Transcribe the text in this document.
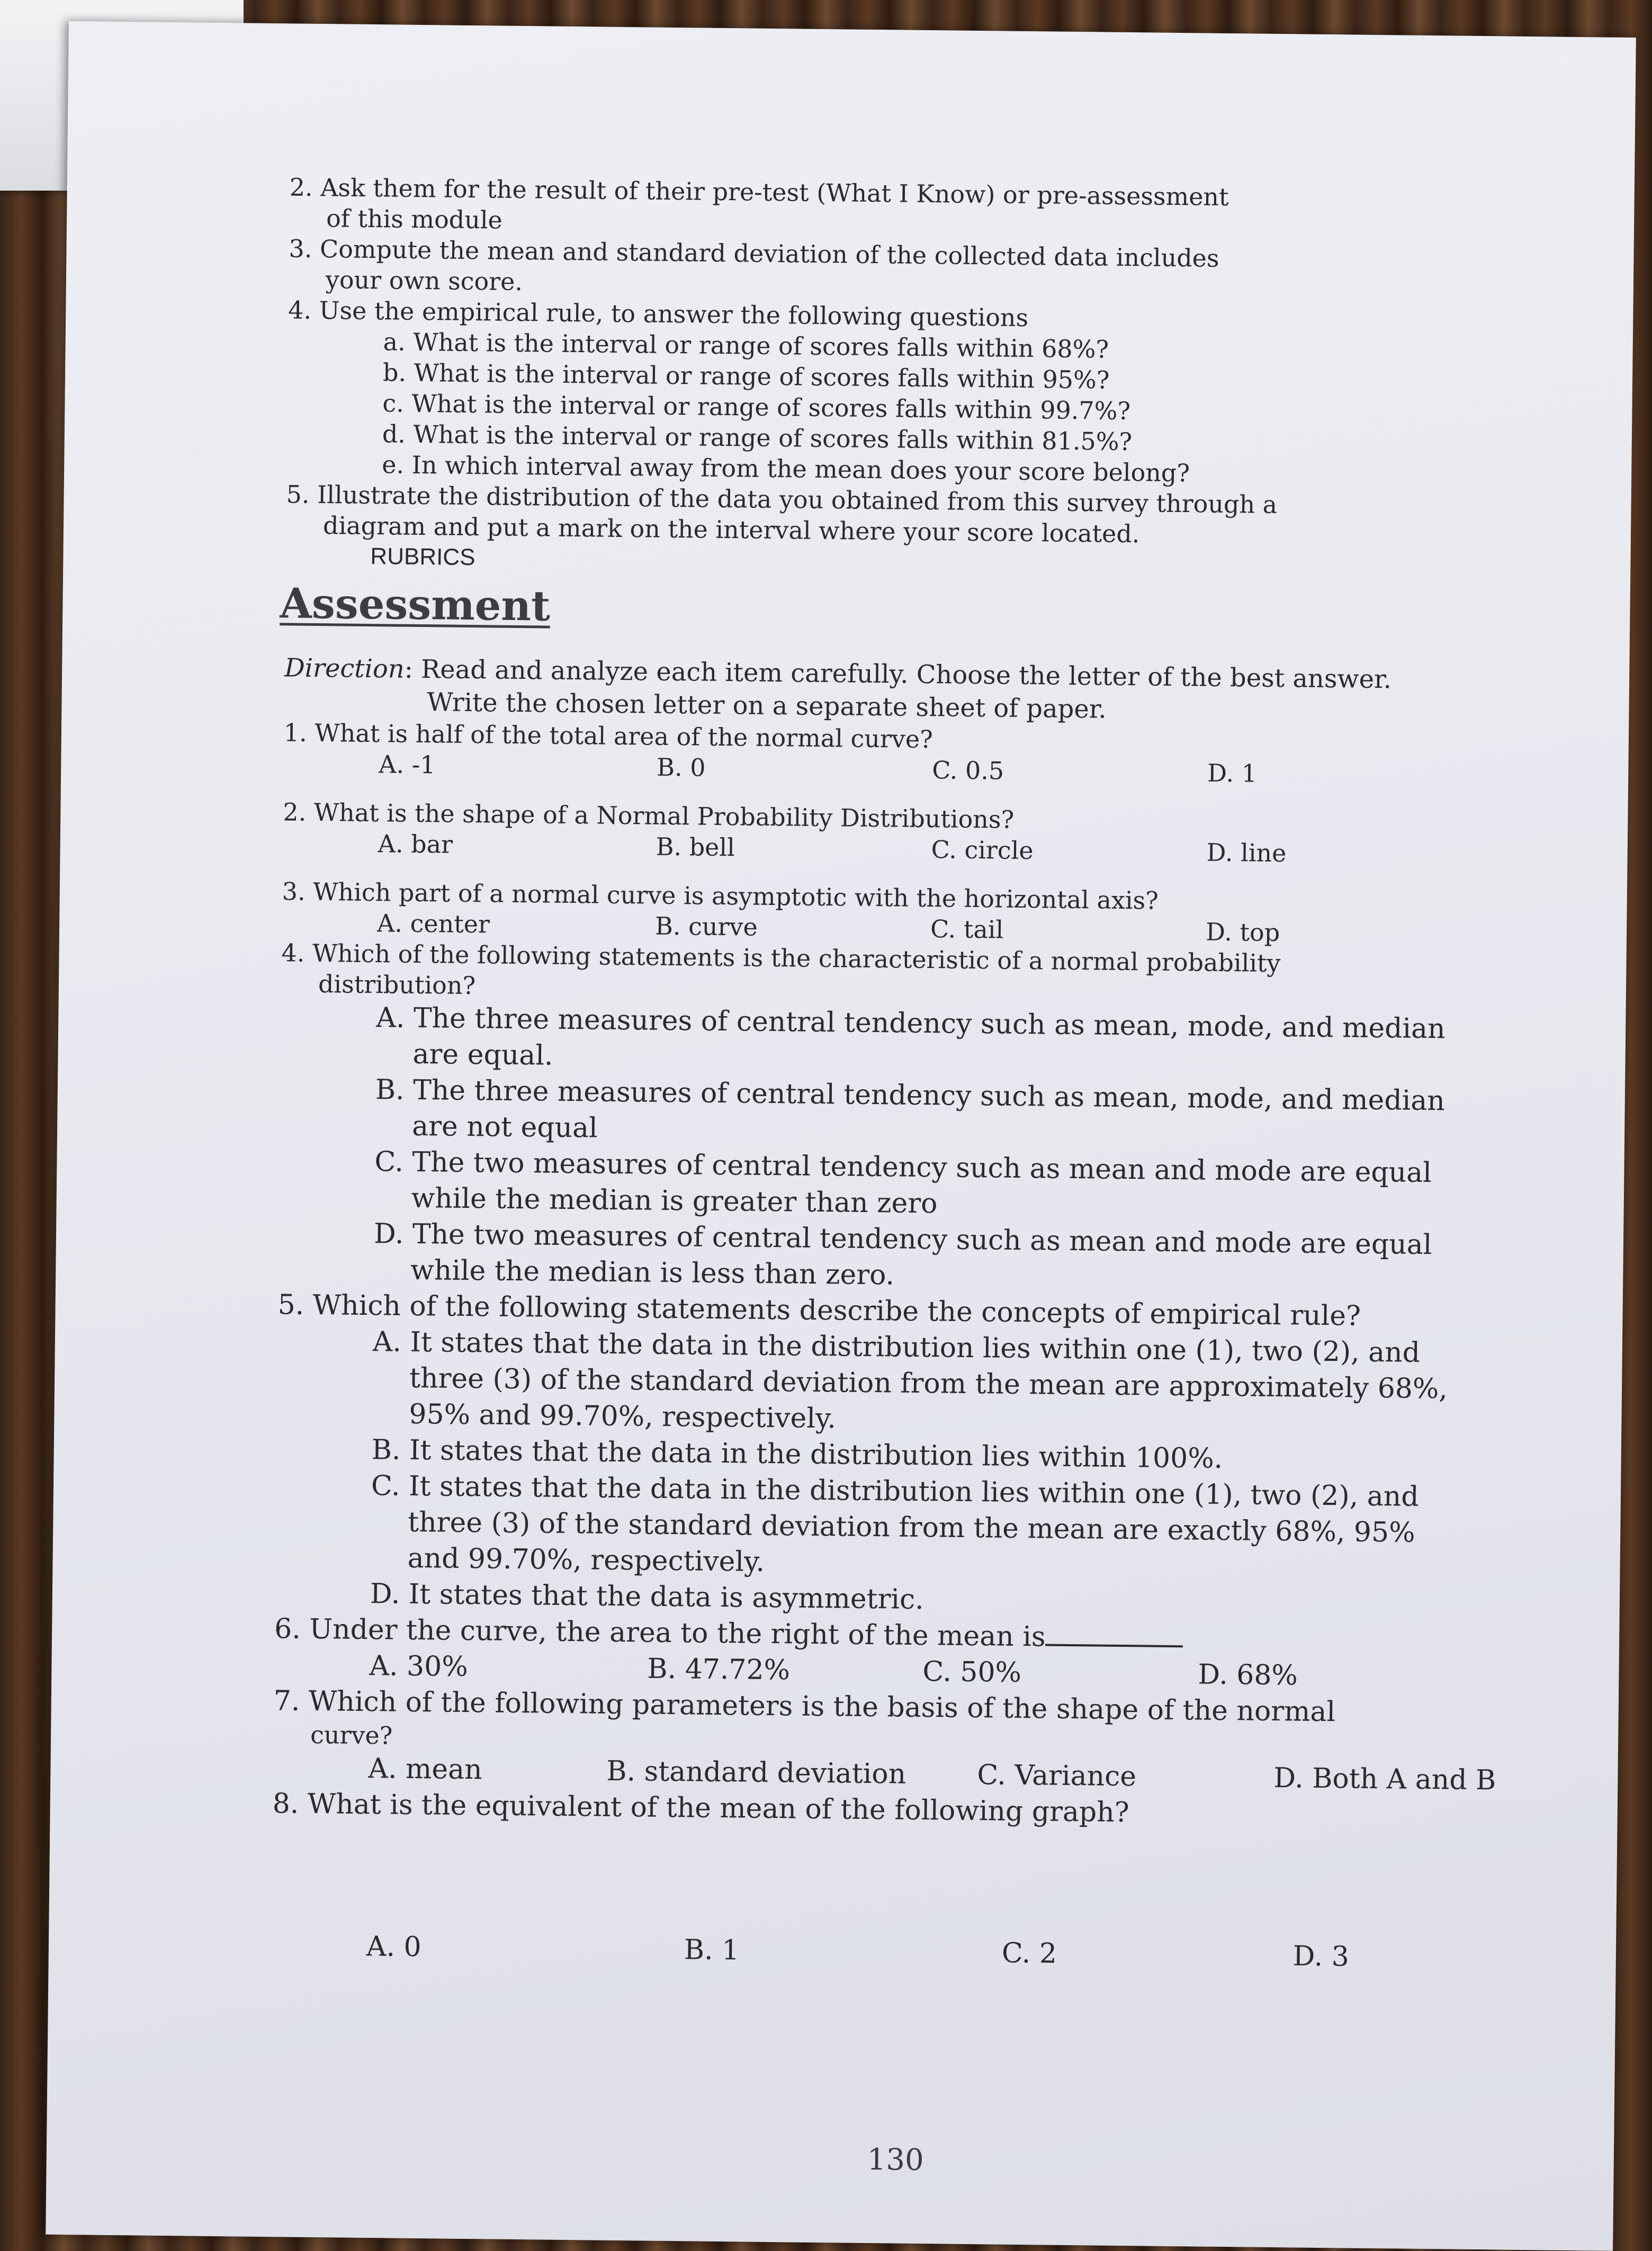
2. Ask them for the result of their pre-test (What I Know) or pre-assessment
of this module
3. Compute the mean and standard deviation of the collected data includes
your own score.
4. Use the empirical rule, to answer the following questions
a. What is the interval or range of scores falls within 68%?
b. What is the interval or range of scores falls within 95%?
c. What is the interval or range of scores falls within 99.7%?
d. What is the interval or range of scores falls within 81.5%?
e. In which interval away from the mean does your score belong?
5. Illustrate the distribution of the data you obtained from this survey through a
diagram and put a mark on the interval where your score located.
RUBRICS
Assessment
Direction: Read and analyze each item carefully. Choose the letter of the best answer.
Write the chosen letter on a separate sheet of paper.
1. What is half of the total area of the normal curve?
A. -1	B. 0	C. 0.5	D. 1
2. What is the shape of a Normal Probability Distributions?
A. bar	B. bell	C. circle	D. line
3. Which part of a normal curve is asymptotic with the horizontal axis?
A. center	B. curve	C. tail	D. top
4. Which of the following statements is the characteristic of a normal probability
distribution?
A. The three measures of central tendency such as mean, mode, and median
are equal.
B. The three measures of central tendency such as mean, mode, and median
are not equal
C. The two measures of central tendency such as mean and mode are equal
while the median is greater than zero
D. The two measures of central tendency such as mean and mode are equal
while the median is less than zero.
5. Which of the following statements describe the concepts of empirical rule?
A. It states that the data in the distribution lies within one (1), two (2), and
three (3) of the standard deviation from the mean are approximately 68%,
95% and 99.70%, respectively.
B. It states that the data in the distribution lies within 100%.
C. It states that the data in the distribution lies within one (1), two (2), and
three (3) of the standard deviation from the mean are exactly 68%, 95%
and 99.70%, respectively.
D. It states that the data is asymmetric.
6. Under the curve, the area to the right of the mean is
A. 30%	B. 47.72%	C. 50%	D. 68%
7. Which of the following parameters is the basis of the shape of the normal
curve?
A. mean	B. standard deviation	C. Variance	D. Both A and B
8. What is the equivalent of the mean of the following graph?
A. 0	B. 1	C. 2	D. 3
130
